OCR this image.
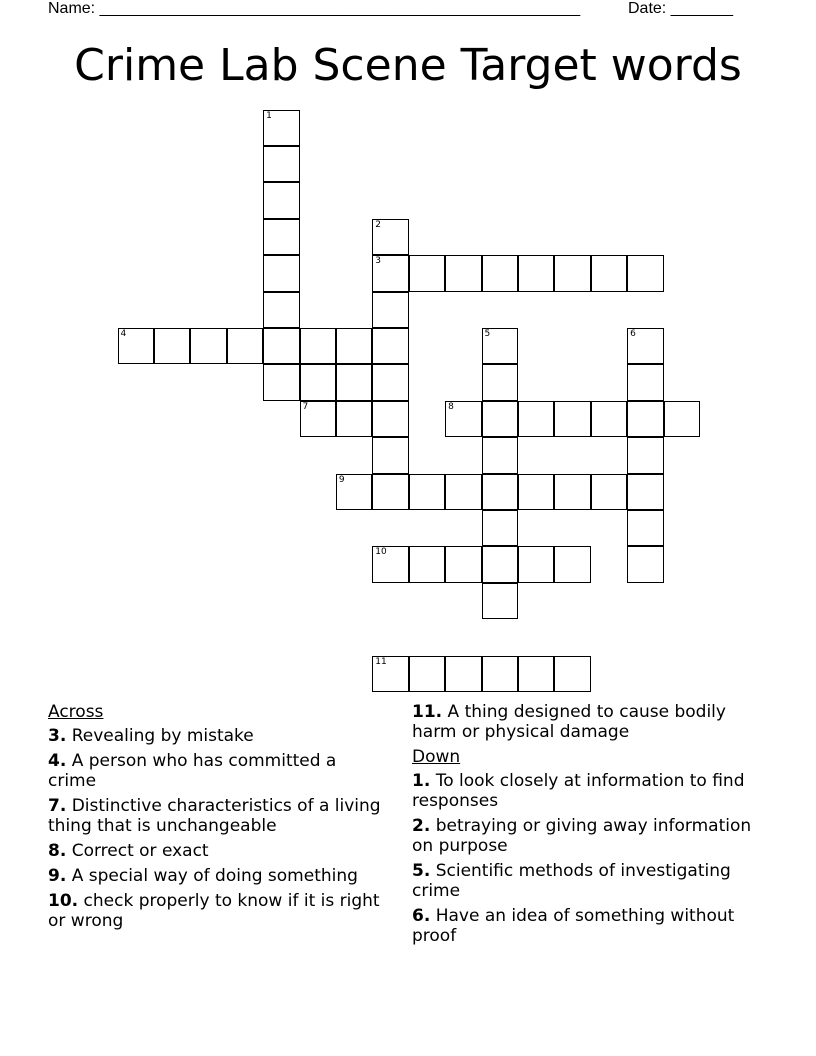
Name: ______________________________________________________	Date: _______
Crime Lab Scene Target words
1
2
3
4	5	6
7	8
9
10
11
Across
3. Revealing by mistake
4. A person who has committed a crime
7. Distinctive characteristics of a living thing that is unchangeable
8. Correct or exact
9. A special way of doing something
10. check properly to know if it is right or wrong
11. A thing designed to cause bodily harm or physical damage
Down
1. To look closely at information to find responses
2. betraying or giving away information on purpose
5. Scientific methods of investigating crime
6. Have an idea of something without proof
